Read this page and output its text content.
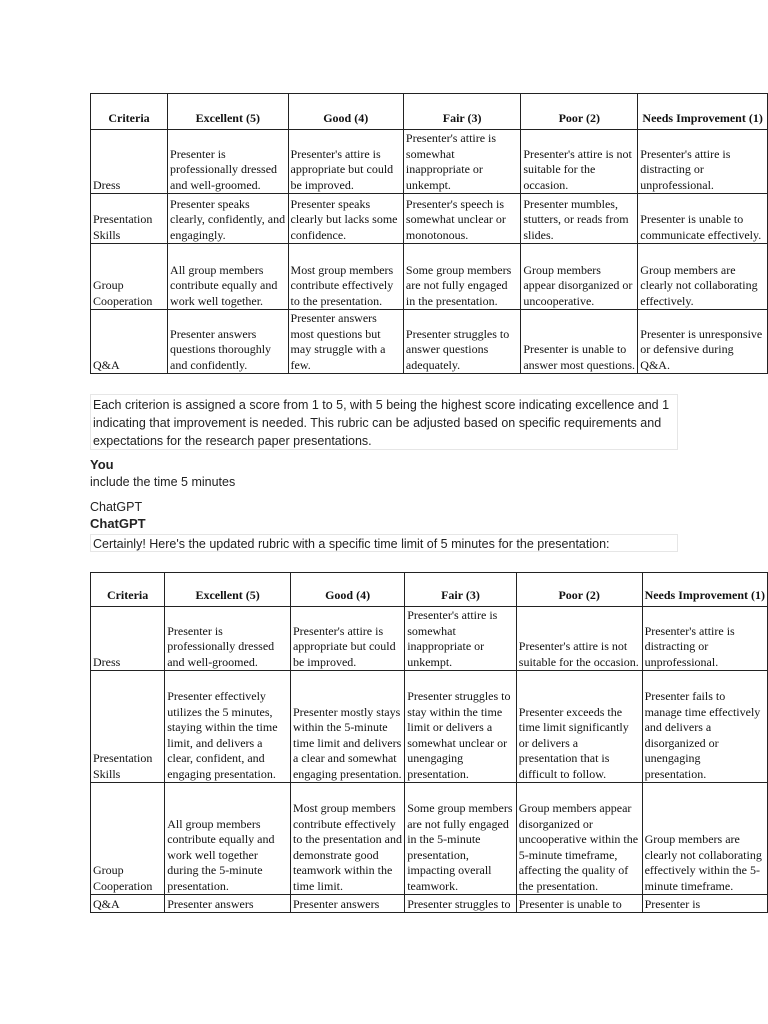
Criteria	Excellent (5)	Good (4)	Fair (3)	Poor (2)	Needs Improvement (1)
Dress	Presenter is professionally dressed and well-groomed.	Presenter's attire is appropriate but could be improved.	Presenter's attire is somewhat inappropriate or unkempt.	Presenter's attire is not suitable for the occasion.	Presenter's attire is distracting or unprofessional.
Presentation Skills	Presenter speaks clearly, confidently, and engagingly.	Presenter speaks clearly but lacks some confidence.	Presenter's speech is somewhat unclear or monotonous.	Presenter mumbles, stutters, or reads from slides.	Presenter is unable to communicate effectively.
Group Cooperation	All group members contribute equally and work well together.	Most group members contribute effectively to the presentation.	Some group members are not fully engaged in the presentation.	Group members appear disorganized or uncooperative.	Group members are clearly not collaborating effectively.
Q&A	Presenter answers questions thoroughly and confidently.	Presenter answers most questions but may struggle with a few.	Presenter struggles to answer questions adequately.	Presenter is unable to answer most questions.	Presenter is unresponsive or defensive during Q&A.
Each criterion is assigned a score from 1 to 5, with 5 being the highest score indicating excellence and 1 indicating that improvement is needed. This rubric can be adjusted based on specific requirements and expectations for the research paper presentations.
You
include the time 5 minutes
ChatGPT
ChatGPT
Certainly! Here's the updated rubric with a specific time limit of 5 minutes for the presentation:
Criteria	Excellent (5)	Good (4)	Fair (3)	Poor (2)	Needs Improvement (1)
Dress	Presenter is professionally dressed and well-groomed.	Presenter's attire is appropriate but could be improved.	Presenter's attire is somewhat inappropriate or unkempt.	Presenter's attire is not suitable for the occasion.	Presenter's attire is distracting or unprofessional.
Presentation Skills	Presenter effectively utilizes the 5 minutes, staying within the time limit, and delivers a clear, confident, and engaging presentation.	Presenter mostly stays within the 5-minute time limit and delivers a clear and somewhat engaging presentation.	Presenter struggles to stay within the time limit or delivers a somewhat unclear or unengaging presentation.	Presenter exceeds the time limit significantly or delivers a presentation that is difficult to follow.	Presenter fails to manage time effectively and delivers a disorganized or unengaging presentation.
Group Cooperation	All group members contribute equally and work well together during the 5-minute presentation.	Most group members contribute effectively to the presentation and demonstrate good teamwork within the time limit.	Some group members are not fully engaged in the 5-minute presentation, impacting overall teamwork.	Group members appear disorganized or uncooperative within the 5-minute timeframe, affecting the quality of the presentation.	Group members are clearly not collaborating effectively within the 5-minute timeframe.
Q&A	Presenter answers	Presenter answers	Presenter struggles to	Presenter is unable to	Presenter is
